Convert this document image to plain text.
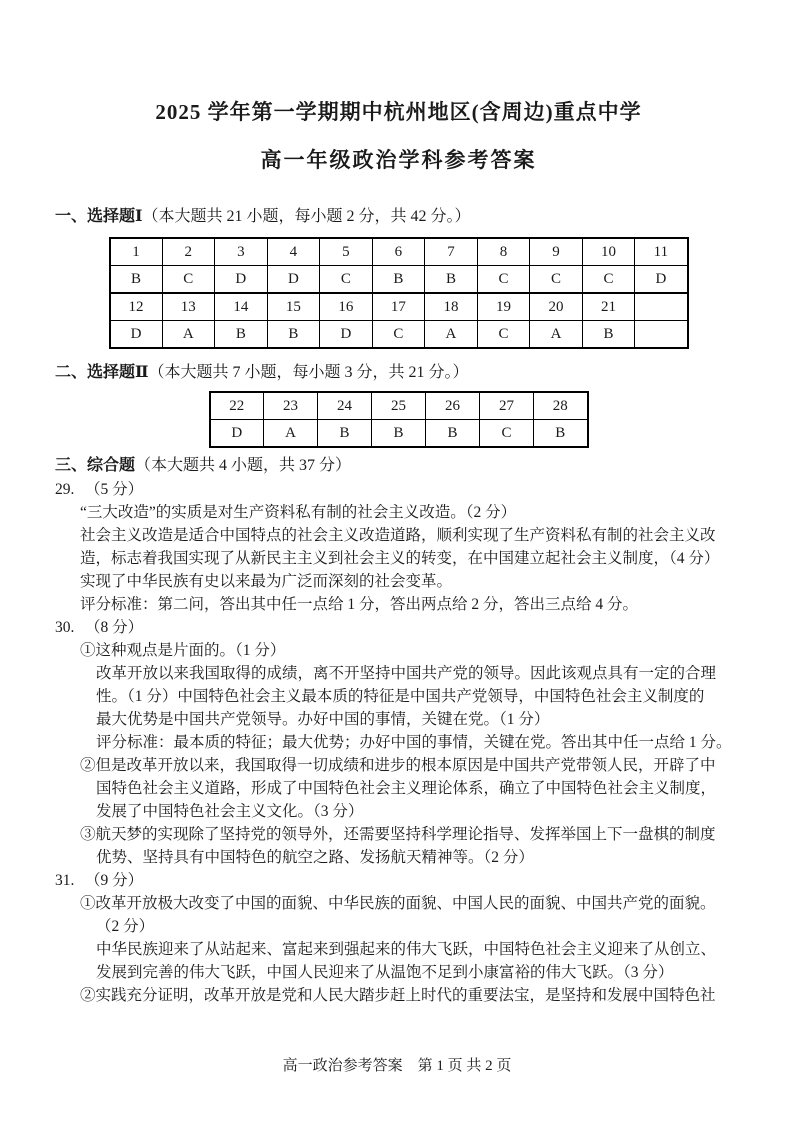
2025 学年第一学期期中杭州地区(含周边)重点中学
高一年级政治学科参考答案
一、选择题Ⅰ（本大题共 21 小题，每小题 2 分，共 42 分。）
1	2	3	4	5	6	7	8	9	10	11
B	C	D	D	C	B	B	C	C	C	D
12	13	14	15	16	17	18	19	20	21	
D	A	B	B	D	C	A	C	A	B	
二、选择题Ⅱ（本大题共 7 小题，每小题 3 分，共 21 分。）
22	23	24	25	26	27	28
D	A	B	B	B	C	B
三、综合题（本大题共 4 小题，共 37 分）
29. （5 分）
“三大改造”的实质是对生产资料私有制的社会主义改造。（2 分）
社会主义改造是适合中国特点的社会主义改造道路，顺利实现了生产资料私有制的社会主义改
造，标志着我国实现了从新民主主义到社会主义的转变，在中国建立起社会主义制度，（4 分）
实现了中华民族有史以来最为广泛而深刻的社会变革。
评分标准：第二问，答出其中任一点给 1 分，答出两点给 2 分，答出三点给 4 分。
30. （8 分）
①这种观点是片面的。（1 分）
改革开放以来我国取得的成绩，离不开坚持中国共产党的领导。因此该观点具有一定的合理
性。（1 分）中国特色社会主义最本质的特征是中国共产党领导，中国特色社会主义制度的
最大优势是中国共产党领导。办好中国的事情，关键在党。（1 分）
评分标准：最本质的特征；最大优势；办好中国的事情，关键在党。答出其中任一点给 1 分。
②但是改革开放以来，我国取得一切成绩和进步的根本原因是中国共产党带领人民，开辟了中
国特色社会主义道路，形成了中国特色社会主义理论体系，确立了中国特色社会主义制度，
发展了中国特色社会主义文化。（3 分）
③航天梦的实现除了坚持党的领导外，还需要坚持科学理论指导、发挥举国上下一盘棋的制度
优势、坚持具有中国特色的航空之路、发扬航天精神等。（2 分）
31. （9 分）
①改革开放极大改变了中国的面貌、中华民族的面貌、中国人民的面貌、中国共产党的面貌。
（2 分）
中华民族迎来了从站起来、富起来到强起来的伟大飞跃，中国特色社会主义迎来了从创立、
发展到完善的伟大飞跃，中国人民迎来了从温饱不足到小康富裕的伟大飞跃。（3 分）
②实践充分证明，改革开放是党和人民大踏步赶上时代的重要法宝，是坚持和发展中国特色社
高一政治参考答案　第 1 页 共 2 页
